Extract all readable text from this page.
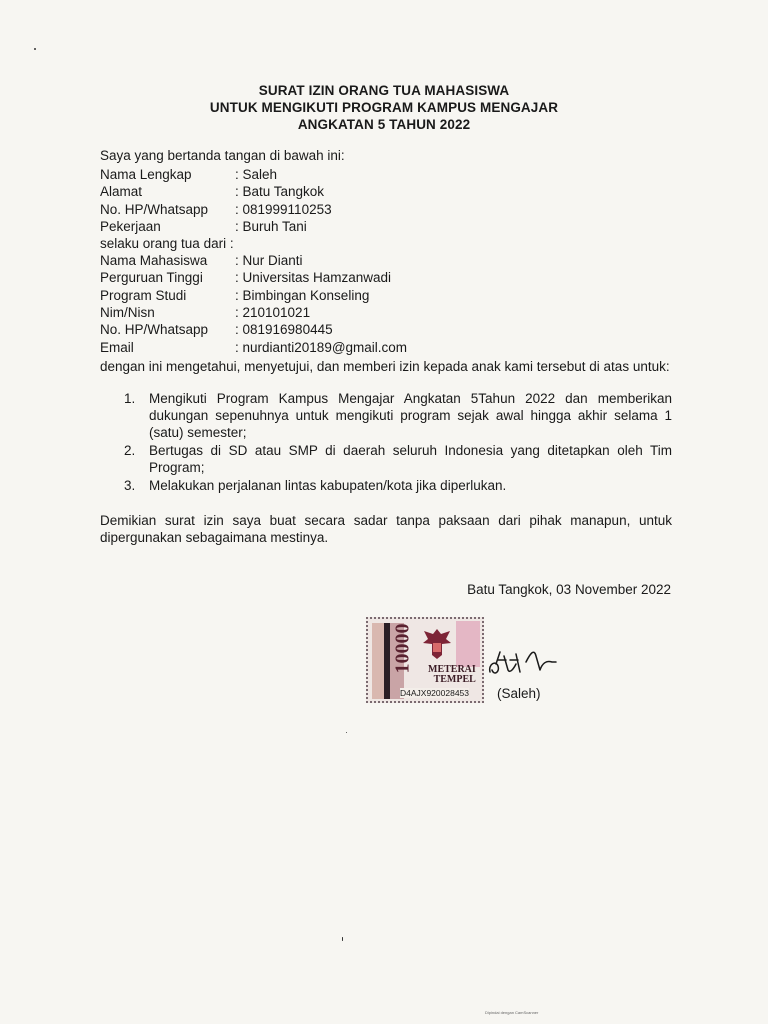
SURAT IZIN ORANG TUA MAHASISWA
UNTUK MENGIKUTI PROGRAM KAMPUS MENGAJAR
ANGKATAN 5 TAHUN 2022
Saya yang bertanda tangan di bawah ini:
Nama Lengkap	: Saleh
Alamat	: Batu Tangkok
No. HP/Whatsapp : 081999110253
Pekerjaan	: Buruh Tani
selaku orang tua dari :
Nama Mahasiswa : Nur Dianti
Perguruan Tinggi : Universitas Hamzanwadi
Program Studi	: Bimbingan Konseling
Nim/Nisn	: 210101021
No. HP/Whatsapp : 081916980445
Email	: nurdianti20189@gmail.com
dengan ini mengetahui, menyetujui, dan memberi izin kepada anak kami tersebut di atas untuk:
1. Mengikuti Program Kampus Mengajar Angkatan 5Tahun 2022 dan memberikan dukungan sepenuhnya untuk mengikuti program sejak awal hingga akhir selama 1 (satu) semester;
2. Bertugas di SD atau SMP di daerah seluruh Indonesia yang ditetapkan oleh Tim Program;
3. Melakukan perjalanan lintas kabupaten/kota jika diperlukan.
Demikian surat izin saya buat secara sadar tanpa paksaan dari pihak manapun, untuk dipergunakan sebagaimana mestinya.
Batu Tangkok, 03 November 2022
10000 METERAI
TEMPEL
D4AJX920028453 (Saleh)
Dipindai dengan CamScanner
